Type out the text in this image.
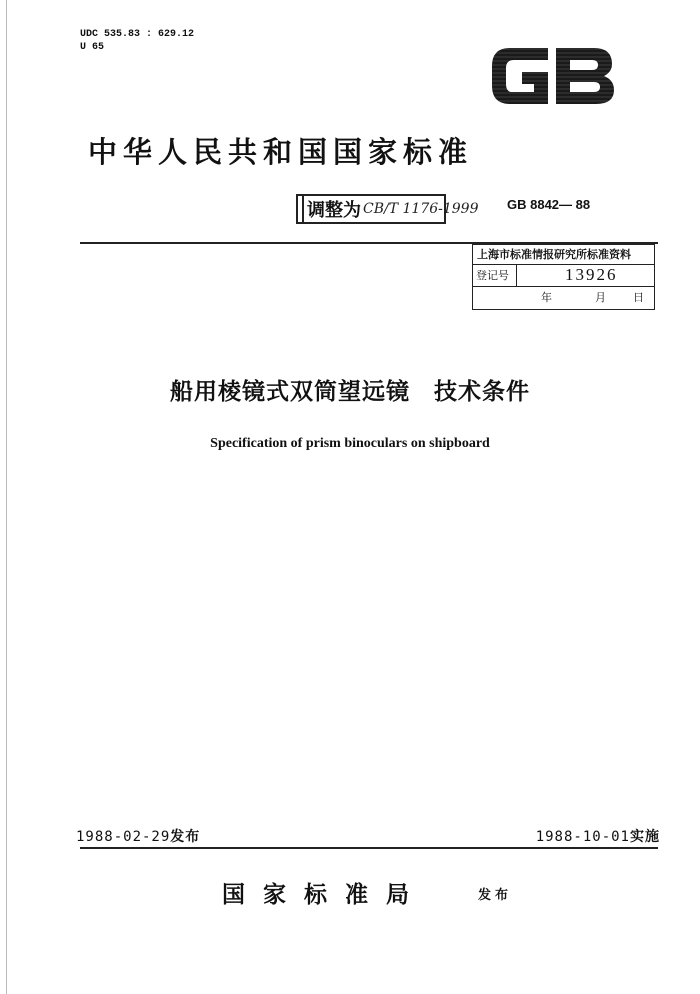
UDC 535.83 : 629.12
U 65
中华人民共和国国家标准
调整为 CB/T 1176-1999 GB 8842— 88
上海市标准情报研究所标准资料
登记号	13926
年	月 日
船用棱镜式双筒望远镜　技术条件
Specification of prism binoculars on shipboard
1988-02-29发布	1988-10-01实施
国家标准局	发布
